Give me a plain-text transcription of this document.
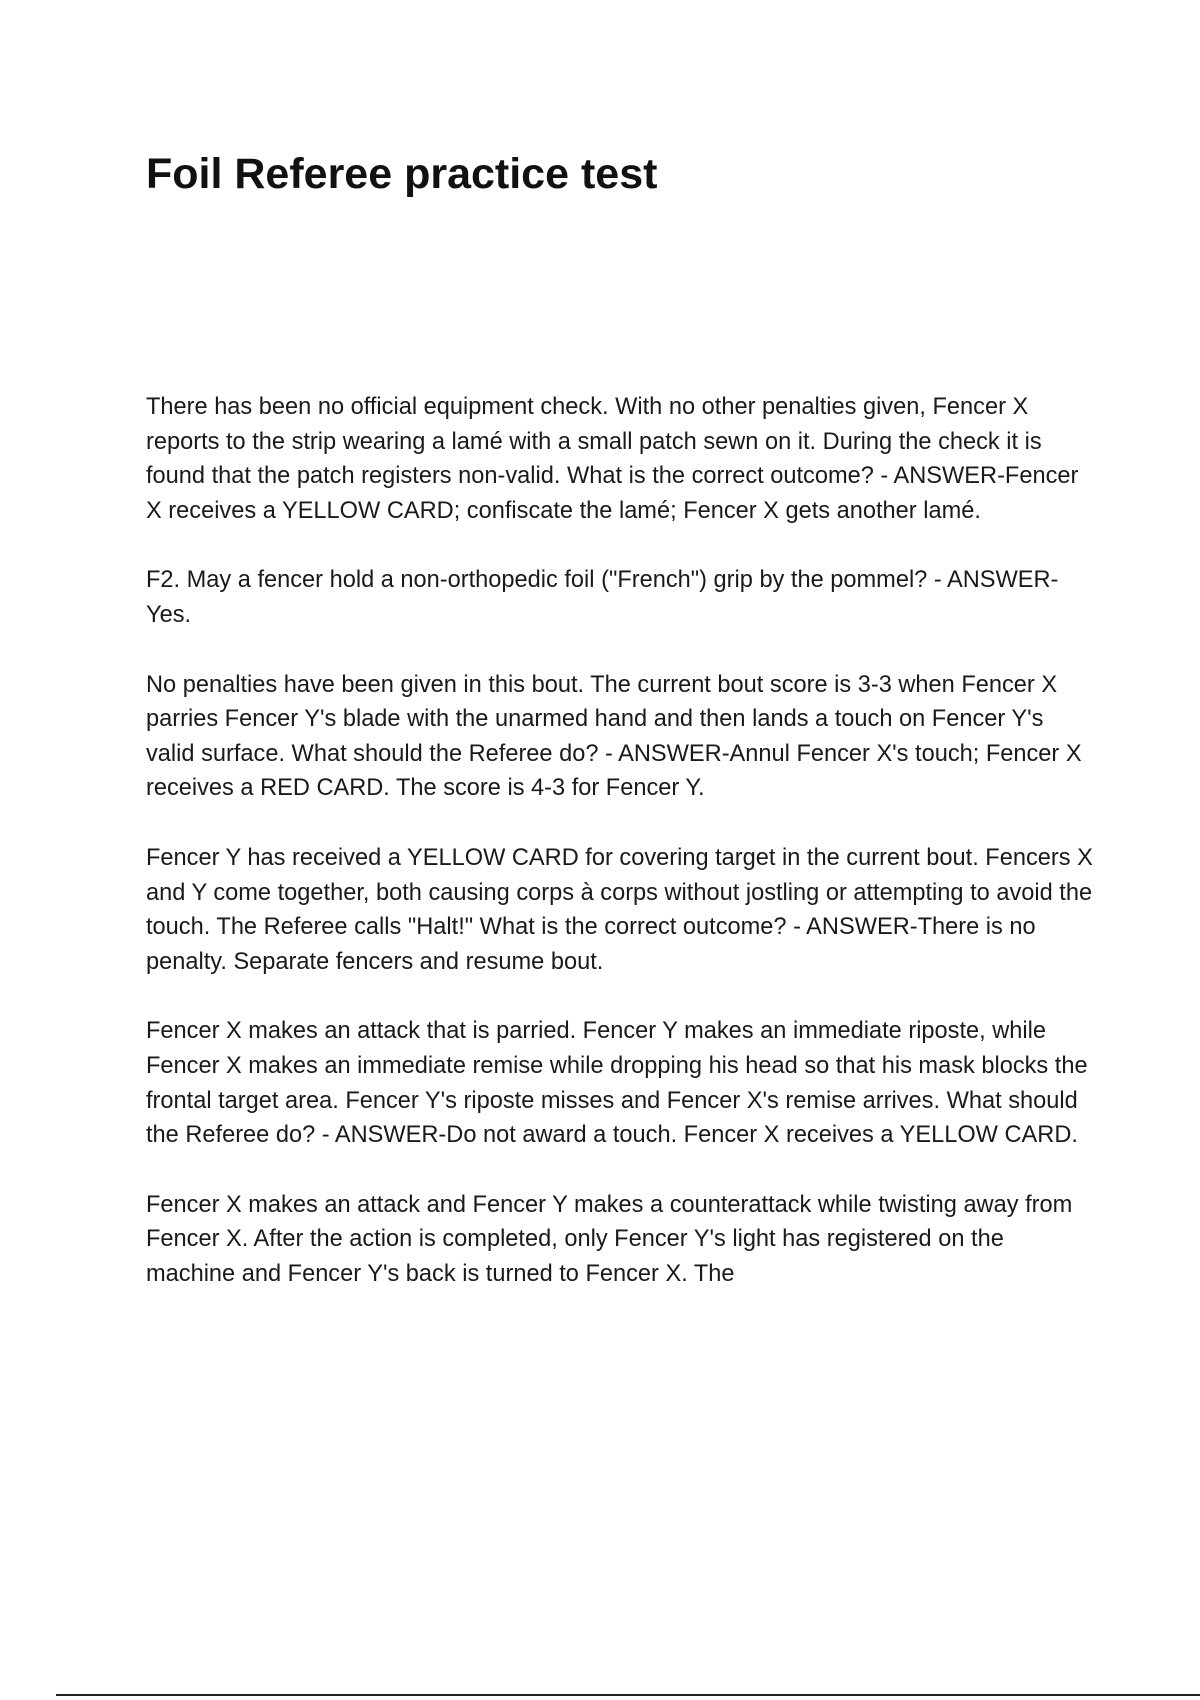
Foil Referee practice test

There has been no official equipment check. With no other penalties given, Fencer X reports to the strip wearing a lamé with a small patch sewn on it. During the check it is found that the patch registers non-valid. What is the correct outcome? - ANSWER-Fencer X receives a YELLOW CARD; confiscate the lamé; Fencer X gets another lamé.

F2. May a fencer hold a non-orthopedic foil ("French") grip by the pommel? - ANSWER-Yes.

No penalties have been given in this bout. The current bout score is 3-3 when Fencer X parries Fencer Y's blade with the unarmed hand and then lands a touch on Fencer Y's valid surface. What should the Referee do? - ANSWER-Annul Fencer X's touch; Fencer X receives a RED CARD. The score is 4-3 for Fencer Y.

Fencer Y has received a YELLOW CARD for covering target in the current bout. Fencers X and Y come together, both causing corps à corps without jostling or attempting to avoid the touch. The Referee calls "Halt!" What is the correct outcome? - ANSWER-There is no penalty. Separate fencers and resume bout.

Fencer X makes an attack that is parried. Fencer Y makes an immediate riposte, while Fencer X makes an immediate remise while dropping his head so that his mask blocks the frontal target area. Fencer Y's riposte misses and Fencer X's remise arrives. What should the Referee do? - ANSWER-Do not award a touch. Fencer X receives a YELLOW CARD.

Fencer X makes an attack and Fencer Y makes a counterattack while twisting away from Fencer X. After the action is completed, only Fencer Y's light has registered on the machine and Fencer Y's back is turned to Fencer X. The
